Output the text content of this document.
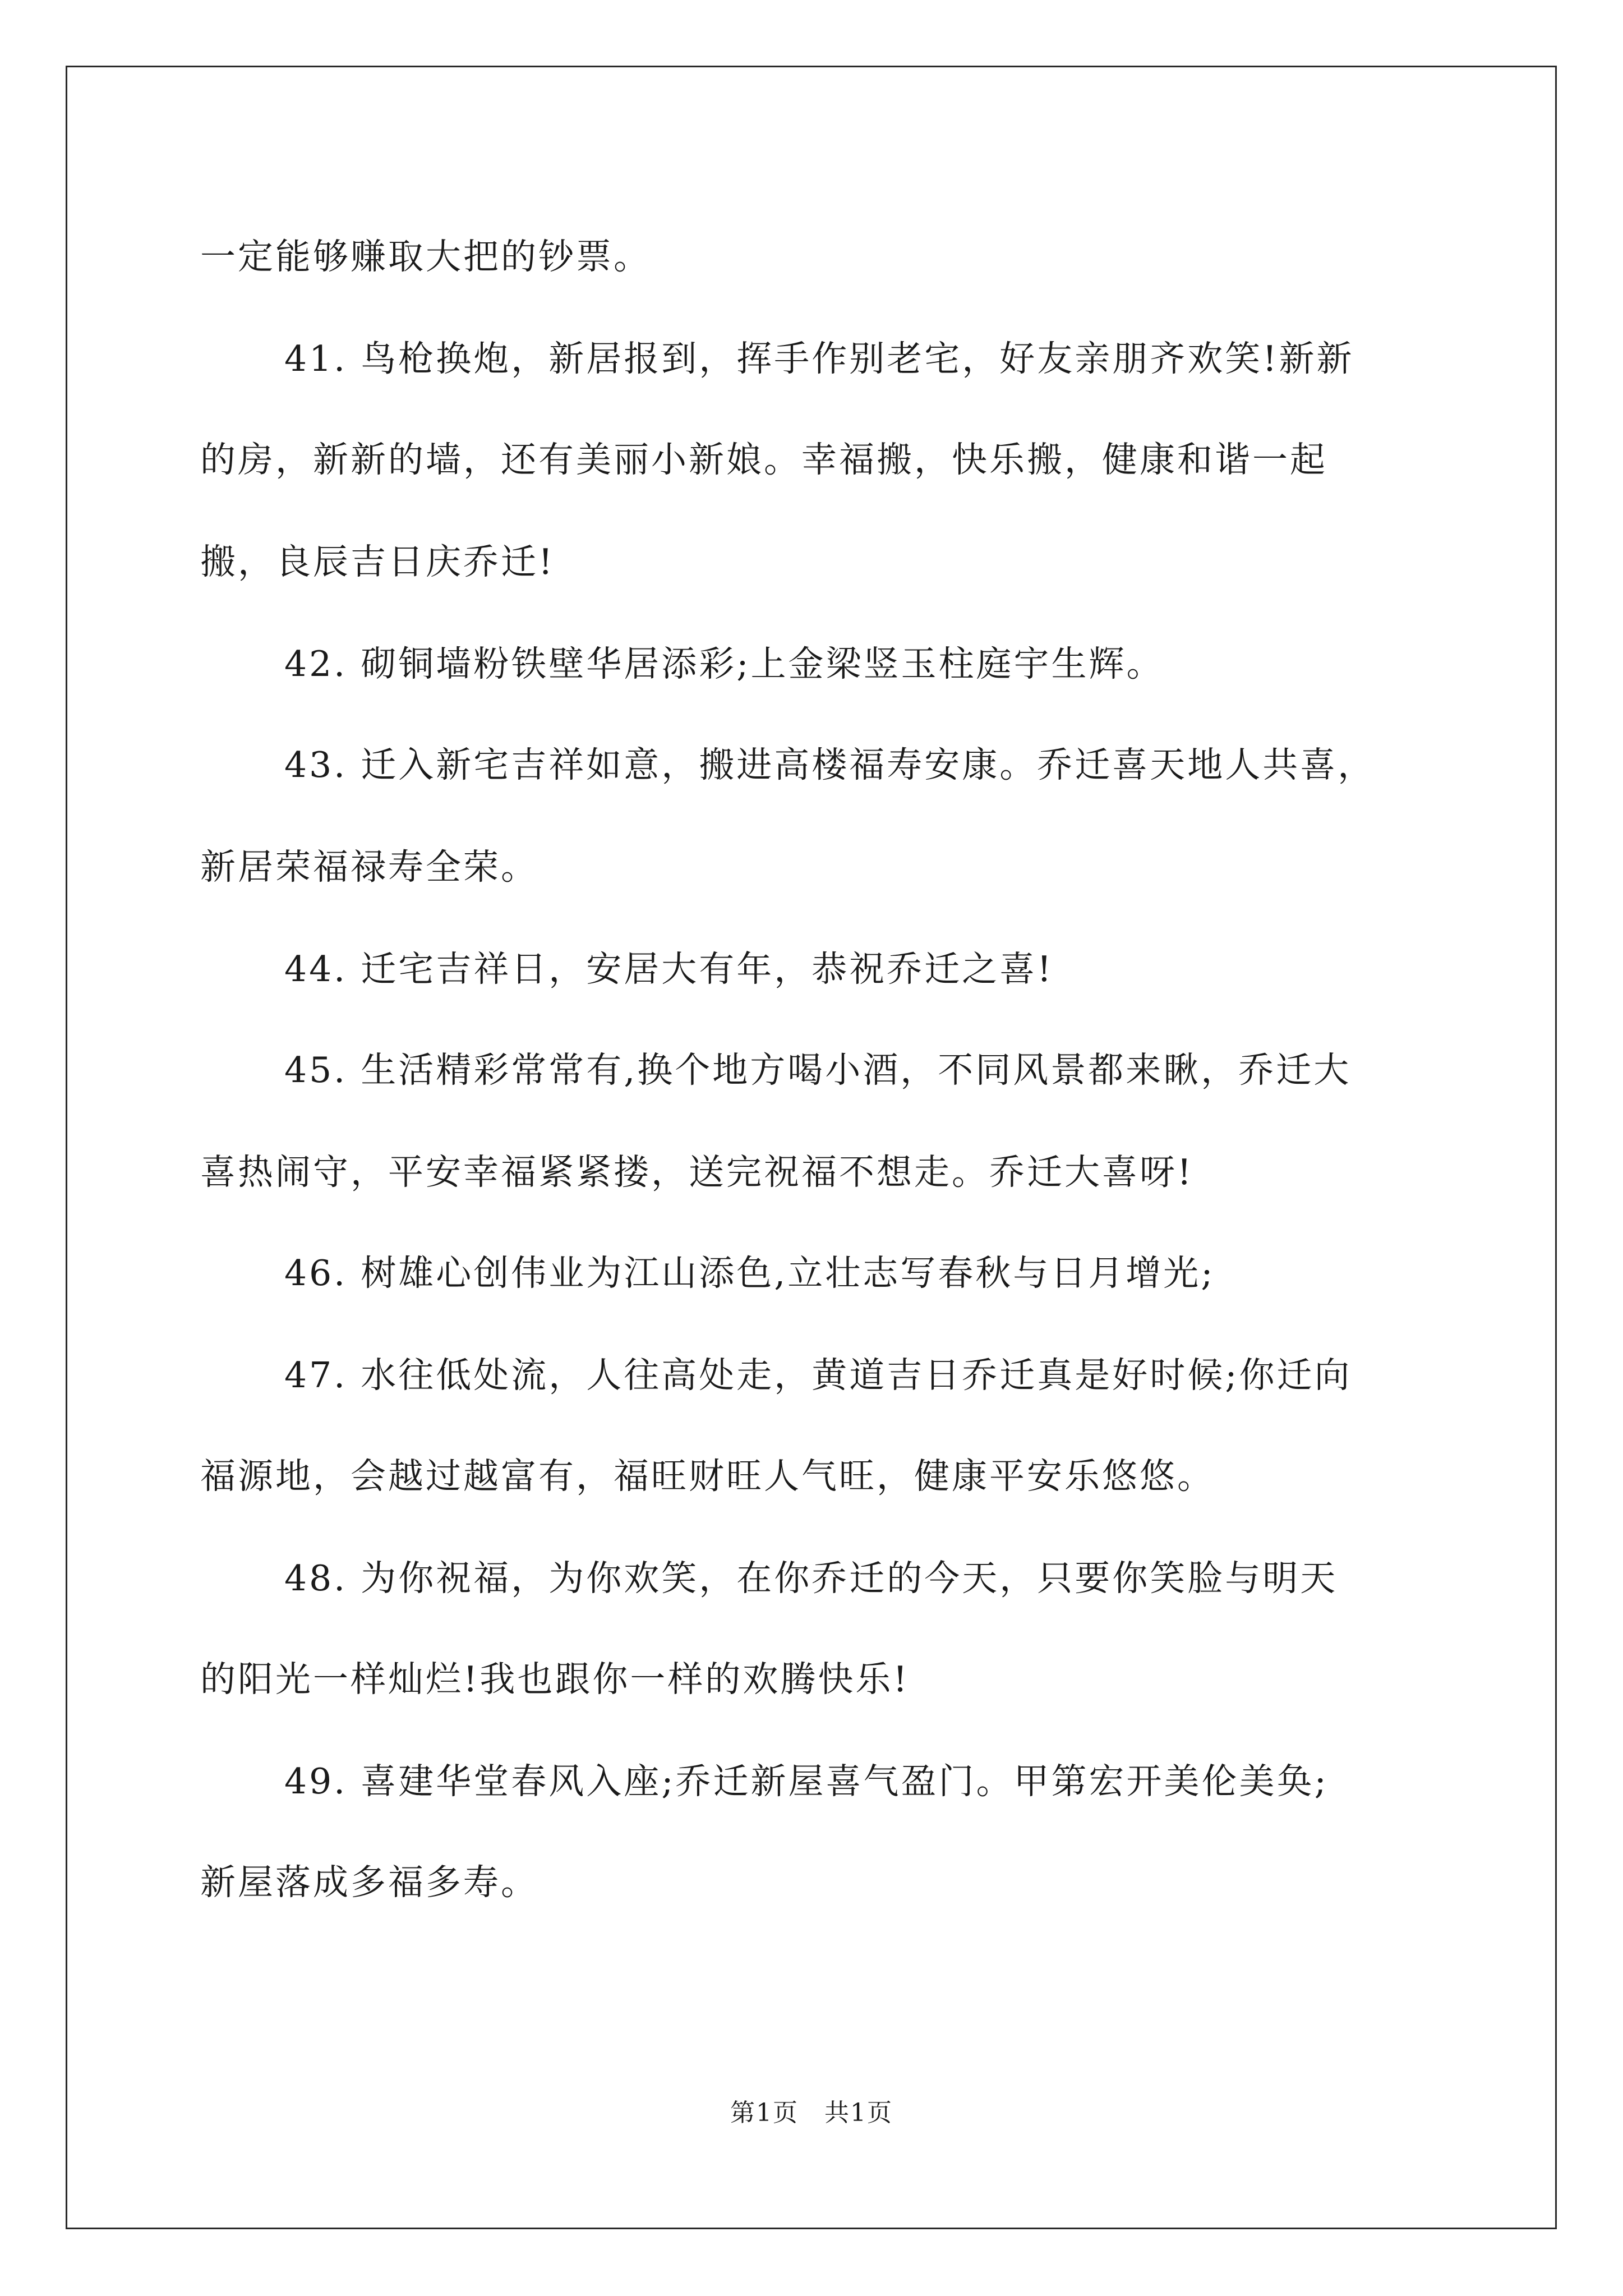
一定能够赚取大把的钞票。
41. 鸟枪换炮，新居报到，挥手作别老宅，好友亲朋齐欢笑!新新
的房，新新的墙，还有美丽小新娘。幸福搬，快乐搬，健康和谐一起
搬，良辰吉日庆乔迁!
42. 砌铜墙粉铁壁华居添彩;上金梁竖玉柱庭宇生辉。
43. 迁入新宅吉祥如意，搬进高楼福寿安康。乔迁喜天地人共喜，
新居荣福禄寿全荣。
44. 迁宅吉祥日，安居大有年，恭祝乔迁之喜!
45. 生活精彩常常有,换个地方喝小酒，不同风景都来瞅，乔迁大
喜热闹守，平安幸福紧紧搂，送完祝福不想走。乔迁大喜呀!
46. 树雄心创伟业为江山添色,立壮志写春秋与日月增光;
47. 水往低处流，人往高处走，黄道吉日乔迁真是好时候;你迁向
福源地，会越过越富有，福旺财旺人气旺，健康平安乐悠悠。
48. 为你祝福，为你欢笑，在你乔迁的今天，只要你笑脸与明天
的阳光一样灿烂!我也跟你一样的欢腾快乐!
49. 喜建华堂春风入座;乔迁新屋喜气盈门。甲第宏开美伦美奂;
新屋落成多福多寿。
第1页　共1页
